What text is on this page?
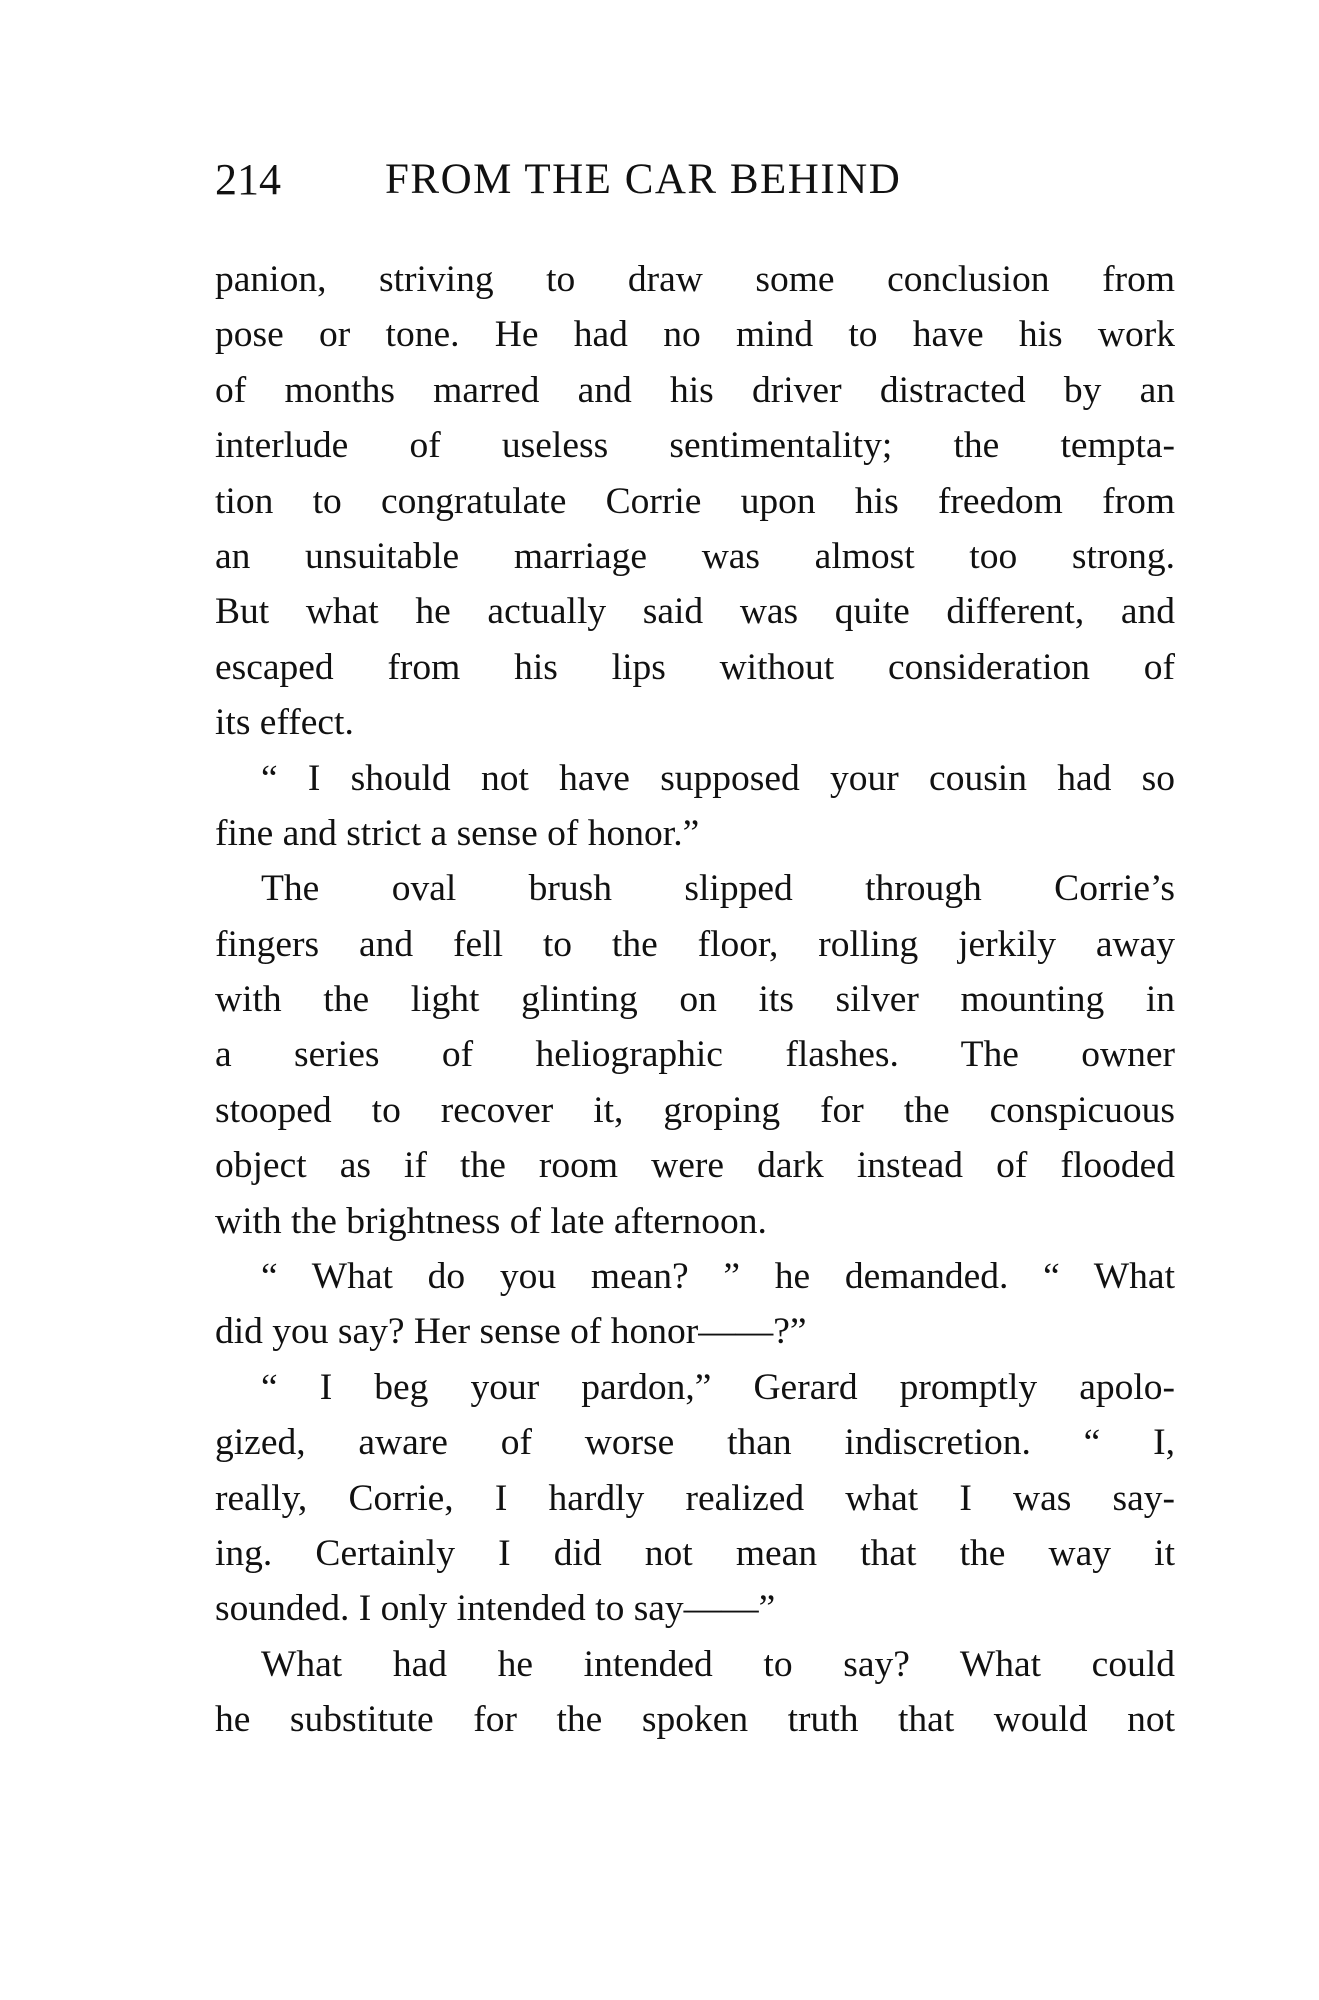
214 FROM THE CAR BEHIND
panion, striving to draw some conclusion from
pose or tone. He had no mind to have his work
of months marred and his driver distracted by an
interlude of useless sentimentality; the tempta-
tion to congratulate Corrie upon his freedom from
an unsuitable marriage was almost too strong.
But what he actually said was quite different, and
escaped from his lips without consideration of
its effect.
“ I should not have supposed your cousin had so
fine and strict a sense of honor.”
The oval brush slipped through Corrie’s
fingers and fell to the floor, rolling jerkily away
with the light glinting on its silver mounting in
a series of heliographic flashes. The owner
stooped to recover it, groping for the conspicuous
object as if the room were dark instead of flooded
with the brightness of late afternoon.
“ What do you mean? ” he demanded. “ What
did you say? Her sense of honor——?”
“ I beg your pardon,” Gerard promptly apolo-
gized, aware of worse than indiscretion. “ I,
really, Corrie, I hardly realized what I was say-
ing. Certainly I did not mean that the way it
sounded. I only intended to say——”
What had he intended to say? What could
he substitute for the spoken truth that would not
